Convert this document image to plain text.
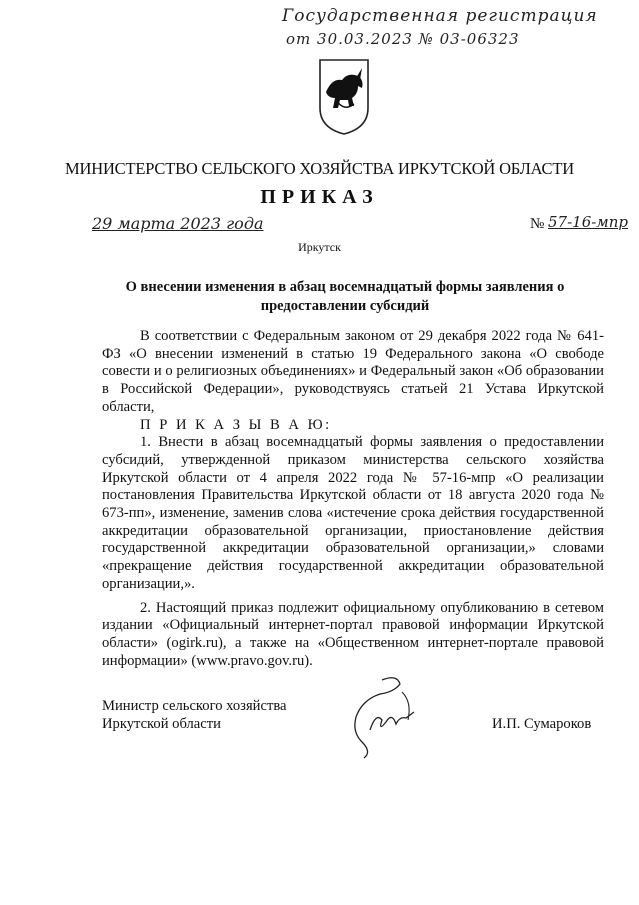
Государственная регистрация
от 30.03.2023 № 03-06323
МИНИСТЕРСТВО СЕЛЬСКОГО ХОЗЯЙСТВА ИРКУТСКОЙ ОБЛАСТИ
ПРИКАЗ
29 марта 2023 года	№ 57-16-мпр
Иркутск
О внесении изменения в абзац восемнадцатый формы заявления о предоставлении субсидий

В соответствии с Федеральным законом от 29 декабря 2022 года № 641-ФЗ «О внесении изменений в статью 19 Федерального закона «О свободе совести и о религиозных объединениях» и Федеральный закон «Об образовании в Российской Федерации», руководствуясь статьей 21 Устава Иркутской области,

П Р И К А З Ы В А Ю:

1. Внести в абзац восемнадцатый формы заявления о предоставлении субсидий, утвержденной приказом министерства сельского хозяйства Иркутской области от 4 апреля 2022 года № 57-16-мпр «О реализации постановления Правительства Иркутской области от 18 августа 2020 года № 673-пп», изменение, заменив слова «истечение срока действия государственной аккредитации образовательной организации, приостановление действия государственной аккредитации образовательной организации,» словами «прекращение действия государственной аккредитации образовательной организации,».

2. Настоящий приказ подлежит официальному опубликованию в сетевом издании «Официальный интернет-портал правовой информации Иркутской области» (ogirk.ru), а также на «Общественном интернет-портале правовой информации» (www.pravo.gov.ru).

Министр сельского хозяйства
Иркутской области	И.П. Сумароков
